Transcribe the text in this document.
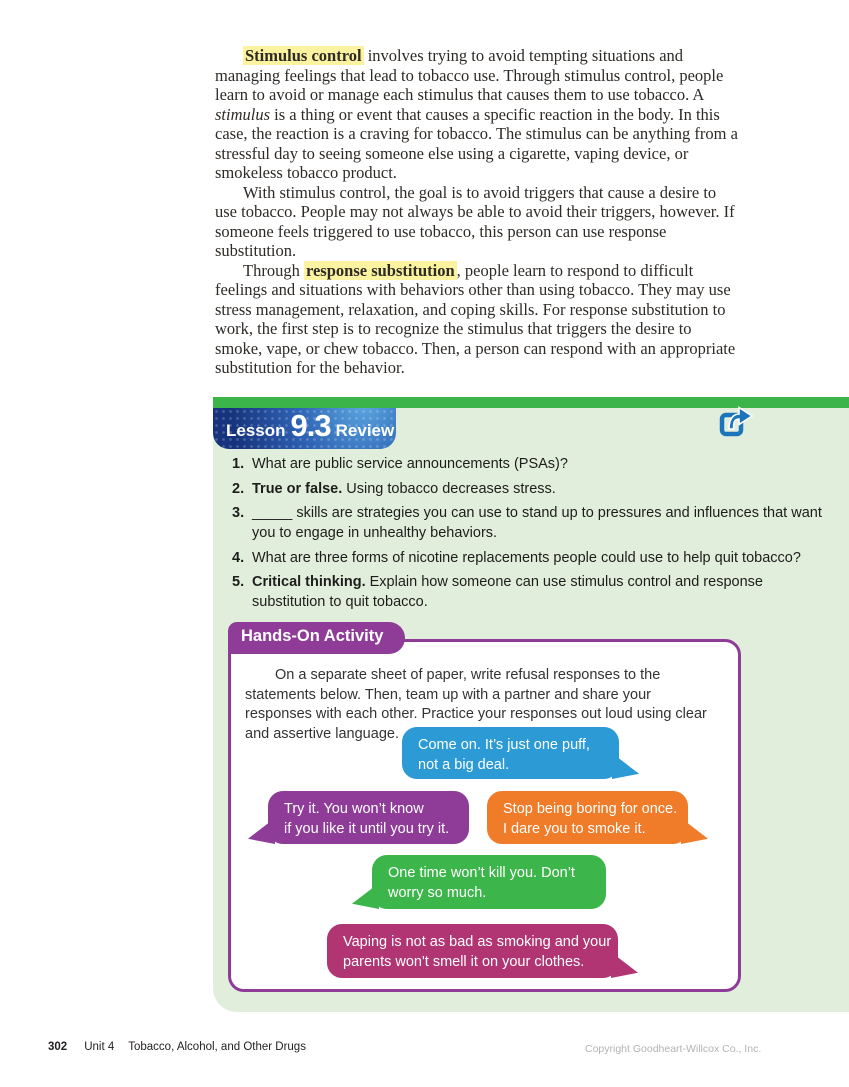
Stimulus control involves trying to avoid tempting situations and managing feelings that lead to tobacco use. Through stimulus control, people learn to avoid or manage each stimulus that causes them to use tobacco. A stimulus is a thing or event that causes a specific reaction in the body. In this case, the reaction is a craving for tobacco. The stimulus can be anything from a stressful day to seeing someone else using a cigarette, vaping device, or smokeless tobacco product.

With stimulus control, the goal is to avoid triggers that cause a desire to use tobacco. People may not always be able to avoid their triggers, however. If someone feels triggered to use tobacco, this person can use response substitution.

Through response substitution , people learn to respond to difficult feelings and situations with behaviors other than using tobacco. They may use stress management, relaxation, and coping skills. For response substitution to work, the first step is to recognize the stimulus that triggers the desire to smoke, vape, or chew tobacco. Then, a person can respond with an appropriate substitution for the behavior.

Lesson 9.3 Review
1. What are public service announcements (PSAs)?
2. True or false. Using tobacco decreases stress.
3. _____ skills are strategies you can use to stand up to pressures and influences that want you to engage in unhealthy behaviors.
4. What are three forms of nicotine replacements people could use to help quit tobacco?
5. Critical thinking. Explain how someone can use stimulus control and response substitution to quit tobacco.
Hands-On Activity

On a separate sheet of paper, write refusal responses to the statements below. Then, team up with a partner and share your responses with each other. Practice your responses out loud using clear and assertive language.

Come on. It’s just one puff,
not a big deal.
Try it. You won’t know
if you like it until you try it.
Stop being boring for once.
I dare you to smoke it.
One time won’t kill you. Don’t
worry so much.
Vaping is not as bad as smoking and your
parents won't smell it on your clothes.
302 Unit 4 Tobacco, Alcohol, and Other Drugs	Copyright Goodheart-Willcox Co., Inc.
